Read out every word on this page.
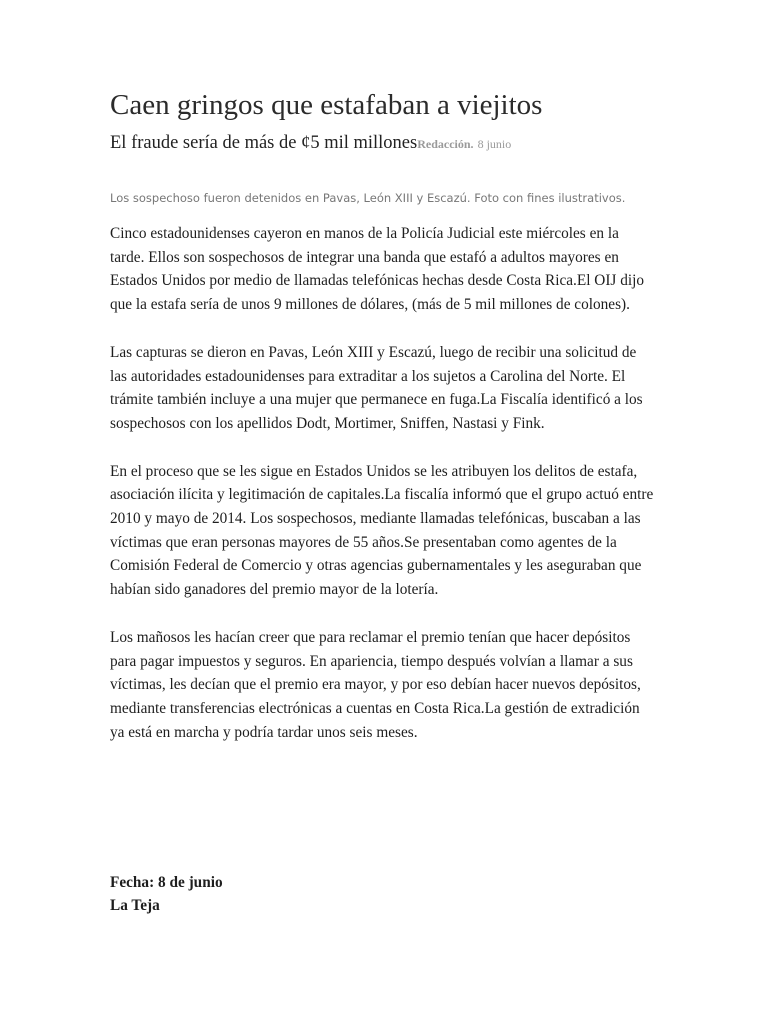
Caen gringos que estafaban a viejitos
El fraude sería de más de ¢5 mil millonesRedacción. 8 junio

Los sospechoso fueron detenidos en Pavas, León XIII y Escazú. Foto con fines ilustrativos.

Cinco estadounidenses cayeron en manos de la Policía Judicial este miércoles en la tarde. Ellos son sospechosos de integrar una banda que estafó a adultos mayores en Estados Unidos por medio de llamadas telefónicas hechas desde Costa Rica.El OIJ dijo que la estafa sería de unos 9 millones de dólares, (más de 5 mil millones de colones).

Las capturas se dieron en Pavas, León XIII y Escazú, luego de recibir una solicitud de las autoridades estadounidenses para extraditar a los sujetos a Carolina del Norte. El trámite también incluye a una mujer que permanece en fuga.La Fiscalía identificó a los sospechosos con los apellidos Dodt, Mortimer, Sniffen, Nastasi y Fink.

En el proceso que se les sigue en Estados Unidos se les atribuyen los delitos de estafa, asociación ilícita y legitimación de capitales.La fiscalía informó que el grupo actuó entre 2010 y mayo de 2014. Los sospechosos, mediante llamadas telefónicas, buscaban a las víctimas que eran personas mayores de 55 años.Se presentaban como agentes de la Comisión Federal de Comercio y otras agencias gubernamentales y les aseguraban que habían sido ganadores del premio mayor de la lotería.

Los mañosos les hacían creer que para reclamar el premio tenían que hacer depósitos para pagar impuestos y seguros. En apariencia, tiempo después volvían a llamar a sus víctimas, les decían que el premio era mayor, y por eso debían hacer nuevos depósitos, mediante transferencias electrónicas a cuentas en Costa Rica.La gestión de extradición ya está en marcha y podría tardar unos seis meses.

Fecha: 8 de junio

La Teja
